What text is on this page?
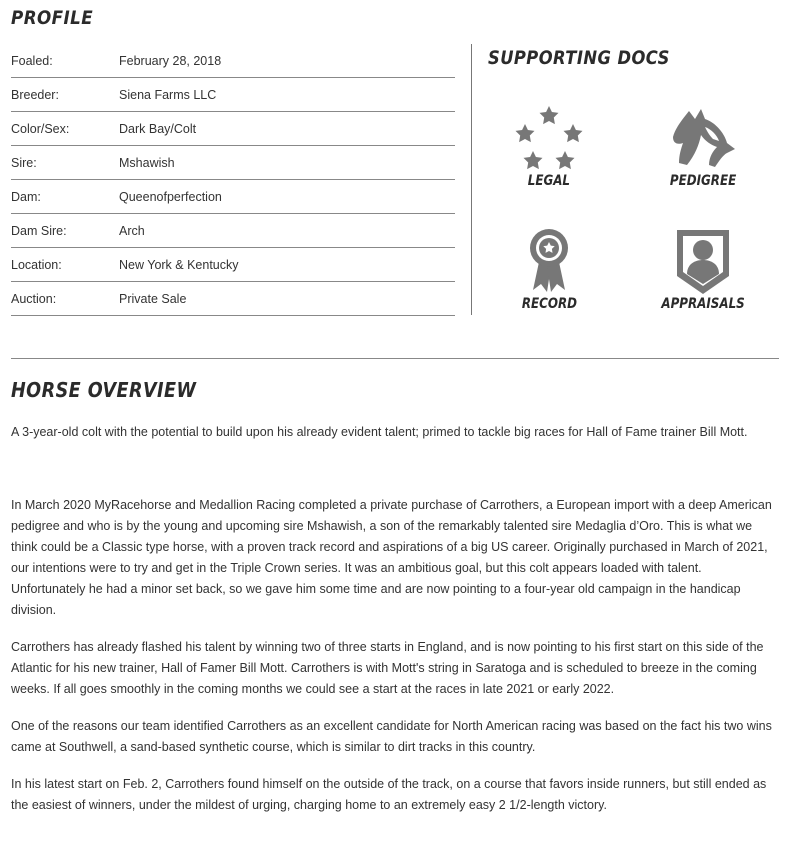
PROFILE
Foaled:	February 28, 2018
Breeder:	Siena Farms LLC
Color/Sex:	Dark Bay/Colt
Sire:	Mshawish
Dam:	Queenofperfection
Dam Sire:	Arch
Location:	New York & Kentucky
Auction:	Private Sale
SUPPORTING DOCS
LEGAL	PEDIGREE
RECORD	APPRAISALS
HORSE OVERVIEW

A 3-year-old colt with the potential to build upon his already evident talent; primed to tackle big races for Hall of Fame trainer Bill Mott.

In March 2020 MyRacehorse and Medallion Racing completed a private purchase of Carrothers, a European import with a deep American pedigree and who is by the young and upcoming sire Mshawish, a son of the remarkably talented sire Medaglia d’Oro. This is what we think could be a Classic type horse, with a proven track record and aspirations of a big US career. Originally purchased in March of 2021, our intentions were to try and get in the Triple Crown series. It was an ambitious goal, but this colt appears loaded with talent. Unfortunately he had a minor set back, so we gave him some time and are now pointing to a four-year old campaign in the handicap division.

Carrothers has already flashed his talent by winning two of three starts in England, and is now pointing to his first start on this side of the Atlantic for his new trainer, Hall of Famer Bill Mott. Carrothers is with Mott's string in Saratoga and is scheduled to breeze in the coming weeks. If all goes smoothly in the coming months we could see a start at the races in late 2021 or early 2022.

One of the reasons our team identified Carrothers as an excellent candidate for North American racing was based on the fact his two wins came at Southwell, a sand-based synthetic course, which is similar to dirt tracks in this country.

In his latest start on Feb. 2, Carrothers found himself on the outside of the track, on a course that favors inside runners, but still ended as the easiest of winners, under the mildest of urging, charging home to an extremely easy 2 1/2-length victory.
